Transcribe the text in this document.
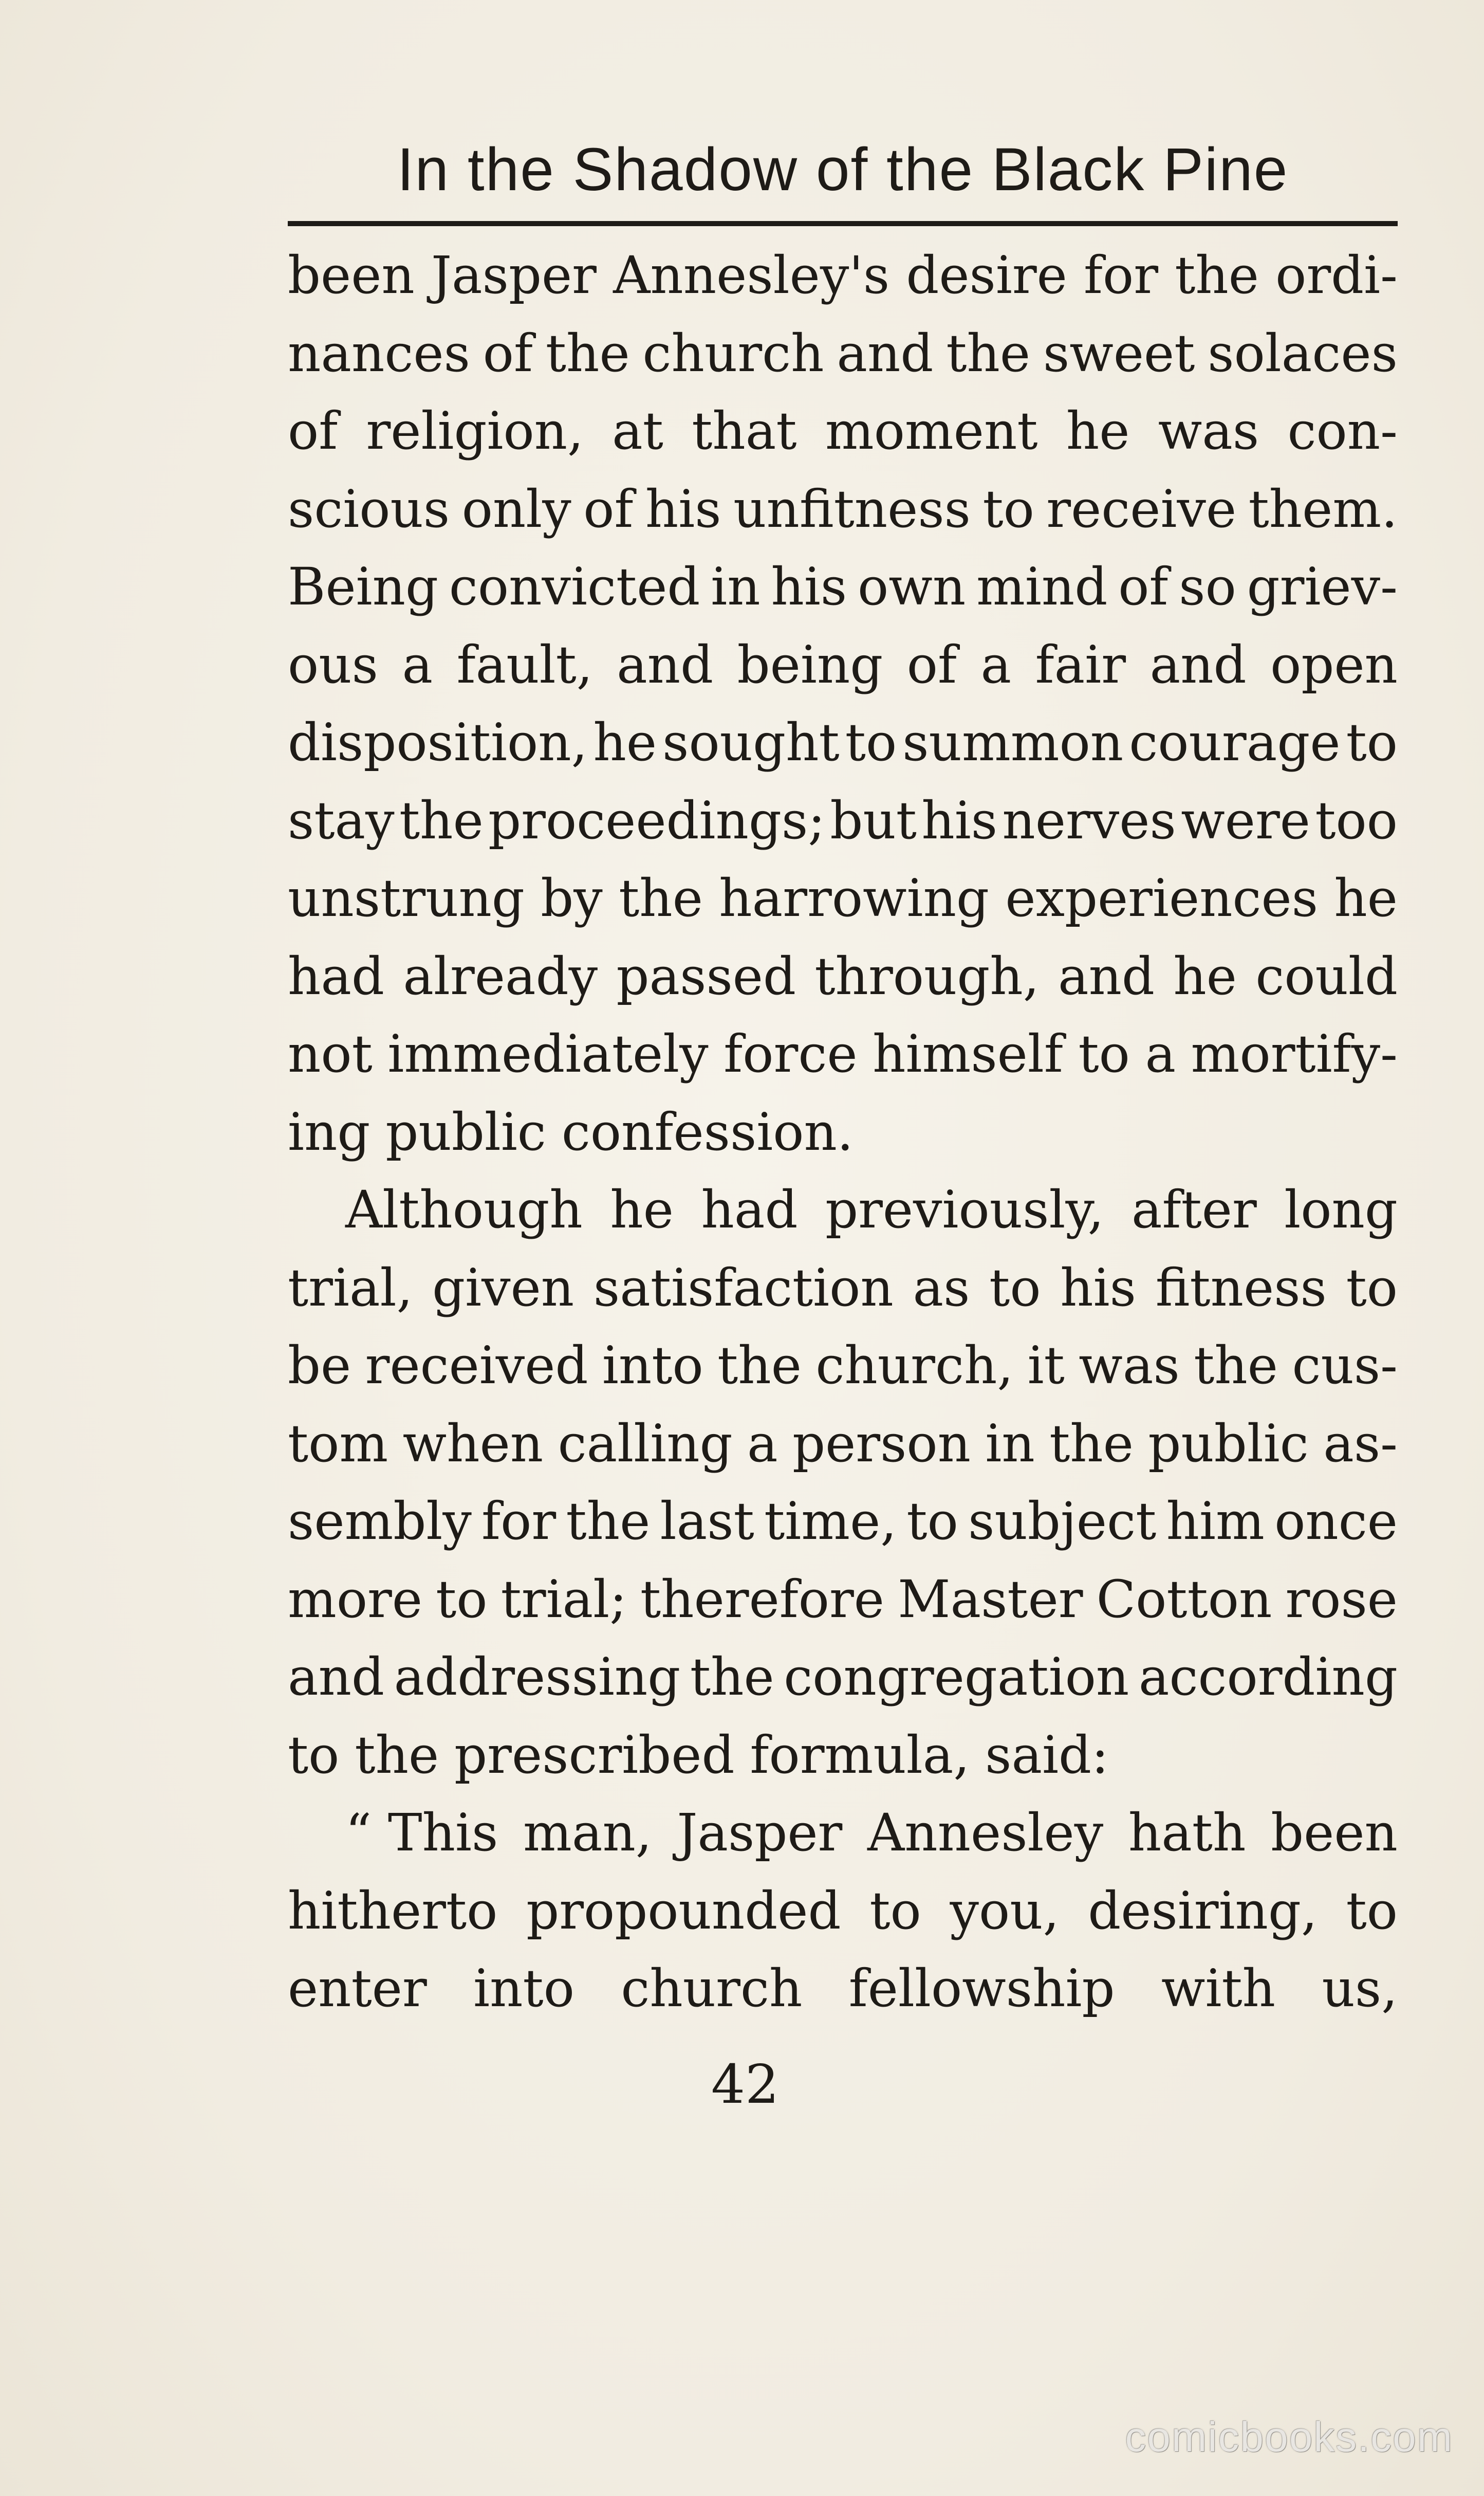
In the Shadow of the Black Pine
been Jasper Annesley's desire for the ordi-
nances of the church and the sweet solaces
of religion, at that moment he was con-
scious only of his unfitness to receive them.
Being convicted in his own mind of so griev-
ous a fault, and being of a fair and open
disposition, he sought to summon courage to
stay the proceedings; but his nerves were too
unstrung by the harrowing experiences he
had already passed through, and he could
not immediately force himself to a mortify-
ing public confession.
Although he had previously, after long
trial, given satisfaction as to his fitness to
be received into the church, it was the cus-
tom when calling a person in the public as-
sembly for the last time, to subject him once
more to trial; therefore Master Cotton rose
and addressing the congregation according
to the prescribed formula, said:
“ This man, Jasper Annesley hath been
hitherto propounded to you, desiring, to
enter into church fellowship with us,
42
comicbooks.com
